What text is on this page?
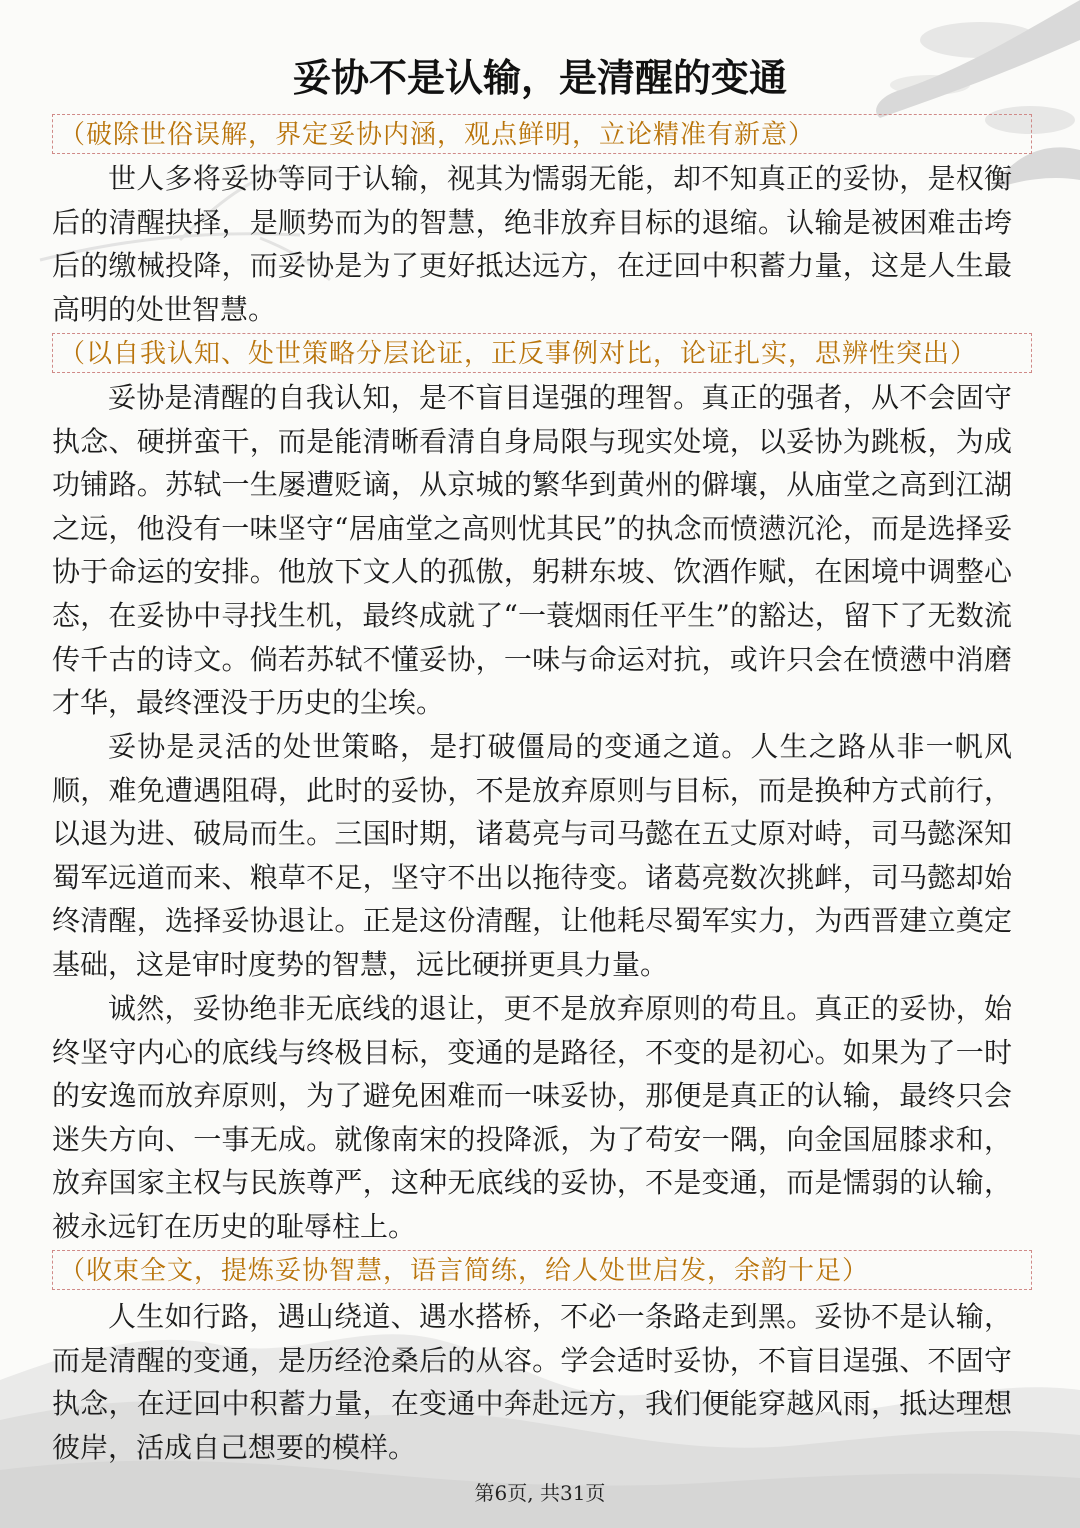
妥协不是认输，是清醒的变通
（破除世俗误解，界定妥协内涵，观点鲜明，立论精准有新意）

世人多将妥协等同于认输，视其为懦弱无能，却不知真正的妥协，是权衡后的清醒抉择，是顺势而为的智慧，绝非放弃目标的退缩。认输是被困难击垮后的缴械投降，而妥协是为了更好抵达远方，在迂回中积蓄力量，这是人生最高明的处世智慧。

（以自我认知、处世策略分层论证，正反事例对比，论证扎实，思辨性突出）

妥协是清醒的自我认知，是不盲目逞强的理智。真正的强者，从不会固守执念、硬拼蛮干，而是能清晰看清自身局限与现实处境，以妥协为跳板，为成功铺路。苏轼一生屡遭贬谪，从京城的繁华到黄州的僻壤，从庙堂之高到江湖之远，他没有一味坚守“居庙堂之高则忧其民”的执念而愤懑沉沦，而是选择妥协于命运的安排。他放下文人的孤傲，躬耕东坡、饮酒作赋，在困境中调整心态，在妥协中寻找生机，最终成就了“一蓑烟雨任平生”的豁达，留下了无数流传千古的诗文。倘若苏轼不懂妥协，一味与命运对抗，或许只会在愤懑中消磨才华，最终湮没于历史的尘埃。

妥协是灵活的处世策略，是打破僵局的变通之道。人生之路从非一帆风顺，难免遭遇阻碍，此时的妥协，不是放弃原则与目标，而是换种方式前行，以退为进、破局而生。三国时期，诸葛亮与司马懿在五丈原对峙，司马懿深知蜀军远道而来、粮草不足，坚守不出以拖待变。诸葛亮数次挑衅，司马懿却始终清醒，选择妥协退让。正是这份清醒，让他耗尽蜀军实力，为西晋建立奠定基础，这是审时度势的智慧，远比硬拼更具力量。

诚然，妥协绝非无底线的退让，更不是放弃原则的苟且。真正的妥协，始终坚守内心的底线与终极目标，变通的是路径，不变的是初心。如果为了一时的安逸而放弃原则，为了避免困难而一味妥协，那便是真正的认输，最终只会迷失方向、一事无成。就像南宋的投降派，为了苟安一隅，向金国屈膝求和，放弃国家主权与民族尊严，这种无底线的妥协，不是变通，而是懦弱的认输，被永远钉在历史的耻辱柱上。

（收束全文，提炼妥协智慧，语言简练，给人处世启发，余韵十足）

人生如行路，遇山绕道、遇水搭桥，不必一条路走到黑。妥协不是认输，而是清醒的变通，是历经沧桑后的从容。学会适时妥协，不盲目逞强、不固守执念，在迂回中积蓄力量，在变通中奔赴远方，我们便能穿越风雨，抵达理想彼岸，活成自己想要的模样。

第6页, 共31页
